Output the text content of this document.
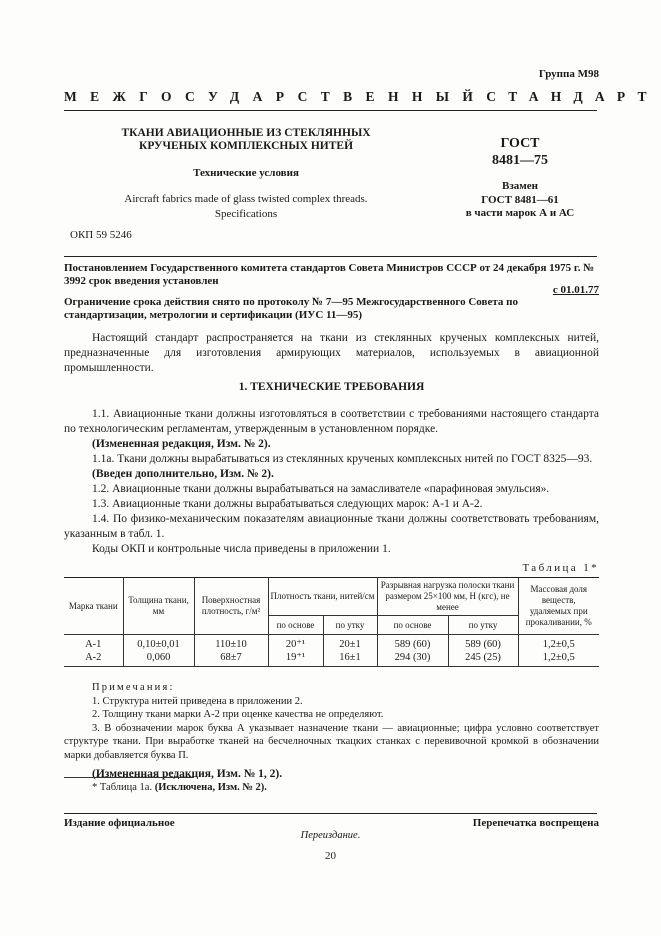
Группа М98
МЕЖГОСУДАРСТВЕННЫЙ СТАНДАРТ
ТКАНИ АВИАЦИОННЫЕ ИЗ СТЕКЛЯННЫХ
КРУЧЕНЫХ КОМПЛЕКСНЫХ НИТЕЙ
Технические условия
Aircraft fabrics made of glass twisted complex threads.
Specifications
ОКП 59 5246
ГОСТ
8481—75
Взамен
ГОСТ 8481—61
в части марок А и АС
Постановлением Государственного комитета стандартов Совета Министров СССР от 24 декабря 1975 г. № 3992 срок введения установлен
с 01.01.77
Ограничение срока действия снято по протоколу № 7—95 Межгосударственного Совета по стандартизации, метрологии и сертификации (ИУС 11—95)
Настоящий стандарт распространяется на ткани из стеклянных крученых комплексных нитей, предназначенные для изготовления армирующих материалов, используемых в авиационной промышленности.
1. ТЕХНИЧЕСКИЕ ТРЕБОВАНИЯ
1.1. Авиационные ткани должны изготовляться в соответствии с требованиями настоящего стандарта по технологическим регламентам, утвержденным в установленном порядке.
(Измененная редакция, Изм. № 2).
1.1а. Ткани должны вырабатываться из стеклянных крученых комплексных нитей по ГОСТ 8325—93.
(Введен дополнительно, Изм. № 2).
1.2. Авиационные ткани должны вырабатываться на замасливателе «парафиновая эмульсия».
1.3. Авиационные ткани должны вырабатываться следующих марок: А-1 и А-2.
1.4. По физико-механическим показателям авиационные ткани должны соответствовать требованиям, указанным в табл. 1.
Коды ОКП и контрольные числа приведены в приложении 1.
Таблица 1*
Марка ткани	Толщина ткани, мм	Поверхностная плотность, г/м²	Плотность ткани, нитей/см		Разрывная нагрузка полоски ткани размером 25×100 мм, Н (кгс), не менее		Массовая доля веществ, удаляемых при прокаливании, %
			по основе	по утку	по основе	по утку	
А-1	0,10±0,01	110±10	20⁺¹	20±1	589 (60)	589 (60)	1,2±0,5
А-2	0,060	68±7	19⁺¹	16±1	294 (30)	245 (25)	1,2±0,5
Примечания:
1. Структура нитей приведена в приложении 2.
2. Толщину ткани марки А-2 при оценке качества не определяют.
3. В обозначении марок буква А указывает назначение ткани — авиационные; цифра условно соответствует структуре ткани. При выработке тканей на бесчелночных ткацких станках с перевивочной кромкой в обозначении марки добавляется буква П.
(Измененная редакция, Изм. № 1, 2).
* Таблица 1а. (Исключена, Изм. № 2).
Издание официальное	Перепечатка воспрещена
Переиздание.
20
